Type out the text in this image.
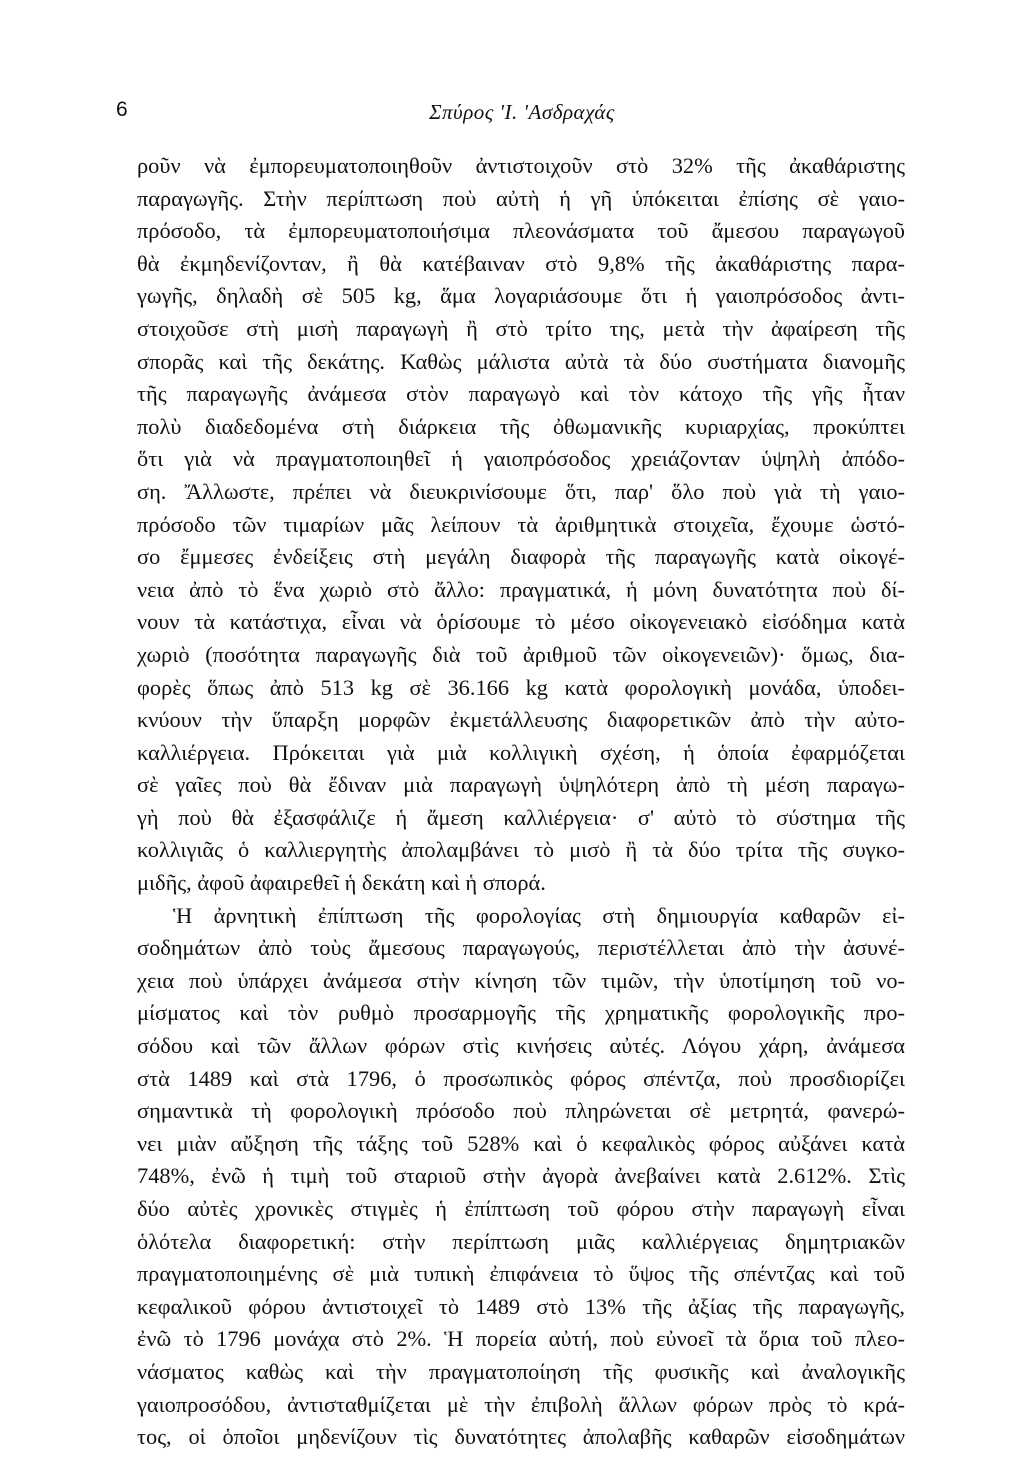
6	Σπύρος 'Ι. 'Ασδραχάς
ροῦν νὰ ἐμπορευματοποιηθοῦν ἀντιστοιχοῦν στὸ 32% τῆς ἀκαθάριστης
παραγωγῆς. Στὴν περίπτωση ποὺ αὐτὴ ἡ γῆ ὑπόκειται ἐπίσης σὲ γαιο-
πρόσοδο, τὰ ἐμπορευματοποιήσιμα πλεονάσματα τοῦ ἄμεσου παραγωγοῦ
θὰ ἐκμηδενίζονταν, ἢ θὰ κατέβαιναν στὸ 9,8% τῆς ἀκαθάριστης παρα-
γωγῆς, δηλαδὴ σὲ 505 kg, ἅμα λογαριάσουμε ὅτι ἡ γαιοπρόσοδος ἀντι-
στοιχοῦσε στὴ μισὴ παραγωγὴ ἢ στὸ τρίτο της, μετὰ τὴν ἀφαίρεση τῆς
σπορᾶς καὶ τῆς δεκάτης. Καθὼς μάλιστα αὐτὰ τὰ δύο συστήματα διανομῆς
τῆς παραγωγῆς ἀνάμεσα στὸν παραγωγὸ καὶ τὸν κάτοχο τῆς γῆς ἦταν
πολὺ διαδεδομένα στὴ διάρκεια τῆς ὀθωμανικῆς κυριαρχίας, προκύπτει
ὅτι γιὰ νὰ πραγματοποιηθεῖ ἡ γαιοπρόσοδος χρειάζονταν ὑψηλὴ ἀπόδο-
ση. Ἄλλωστε, πρέπει νὰ διευκρινίσουμε ὅτι, παρ' ὅλο ποὺ γιὰ τὴ γαιο-
πρόσοδο τῶν τιμαρίων μᾶς λείπουν τὰ ἀριθμητικὰ στοιχεῖα, ἔχουμε ὡστό-
σο ἔμμεσες ἐνδείξεις στὴ μεγάλη διαφορὰ τῆς παραγωγῆς κατὰ οἰκογέ-
νεια ἀπὸ τὸ ἕνα χωριὸ στὸ ἄλλο: πραγματικά, ἡ μόνη δυνατότητα ποὺ δί-
νουν τὰ κατάστιχα, εἶναι νὰ ὁρίσουμε τὸ μέσο οἰκογενειακὸ εἰσόδημα κατὰ
χωριὸ (ποσότητα παραγωγῆς διὰ τοῦ ἀριθμοῦ τῶν οἰκογενειῶν)· ὅμως, δια-
φορὲς ὅπως ἀπὸ 513 kg σὲ 36.166 kg κατὰ φορολογικὴ μονάδα, ὑποδει-
κνύουν τὴν ὕπαρξη μορφῶν ἐκμετάλλευσης διαφορετικῶν ἀπὸ τὴν αὐτο-
καλλιέργεια. Πρόκειται γιὰ μιὰ κολλιγικὴ σχέση, ἡ ὁποία ἐφαρμόζεται
σὲ γαῖες ποὺ θὰ ἔδιναν μιὰ παραγωγὴ ὑψηλότερη ἀπὸ τὴ μέση παραγω-
γὴ ποὺ θὰ ἐξασφάλιζε ἡ ἄμεση καλλιέργεια· σ' αὐτὸ τὸ σύστημα τῆς
κολλιγιᾶς ὁ καλλιεργητὴς ἀπολαμβάνει τὸ μισὸ ἢ τὰ δύο τρίτα τῆς συγκο-
μιδῆς, ἀφοῦ ἀφαιρεθεῖ ἡ δεκάτη καὶ ἡ σπορά.
Ἡ ἀρνητικὴ ἐπίπτωση τῆς φορολογίας στὴ δημιουργία καθαρῶν εἰ-
σοδημάτων ἀπὸ τοὺς ἄμεσους παραγωγούς, περιστέλλεται ἀπὸ τὴν ἀσυνέ-
χεια ποὺ ὑπάρχει ἀνάμεσα στὴν κίνηση τῶν τιμῶν, τὴν ὑποτίμηση τοῦ νο-
μίσματος καὶ τὸν ρυθμὸ προσαρμογῆς τῆς χρηματικῆς φορολογικῆς προ-
σόδου καὶ τῶν ἄλλων φόρων στὶς κινήσεις αὐτές. Λόγου χάρη, ἀνάμεσα
στὰ 1489 καὶ στὰ 1796, ὁ προσωπικὸς φόρος σπέντζα, ποὺ προσδιορίζει
σημαντικὰ τὴ φορολογικὴ πρόσοδο ποὺ πληρώνεται σὲ μετρητά, φανερώ-
νει μιὰν αὔξηση τῆς τάξης τοῦ 528% καὶ ὁ κεφαλικὸς φόρος αὐξάνει κατὰ
748%, ἐνῶ ἡ τιμὴ τοῦ σταριοῦ στὴν ἀγορὰ ἀνεβαίνει κατὰ 2.612%. Στὶς
δύο αὐτὲς χρονικὲς στιγμὲς ἡ ἐπίπτωση τοῦ φόρου στὴν παραγωγὴ εἶναι
ὁλότελα διαφορετική: στὴν περίπτωση μιᾶς καλλιέργειας δημητριακῶν
πραγματοποιημένης σὲ μιὰ τυπικὴ ἐπιφάνεια τὸ ὕψος τῆς σπέντζας καὶ τοῦ
κεφαλικοῦ φόρου ἀντιστοιχεῖ τὸ 1489 στὸ 13% τῆς ἀξίας τῆς παραγωγῆς,
ἐνῶ τὸ 1796 μονάχα στὸ 2%. Ἡ πορεία αὐτή, ποὺ εὐνοεῖ τὰ ὅρια τοῦ πλεο-
νάσματος καθὼς καὶ τὴν πραγματοποίηση τῆς φυσικῆς καὶ ἀναλογικῆς
γαιοπροσόδου, ἀντισταθμίζεται μὲ τὴν ἐπιβολὴ ἄλλων φόρων πρὸς τὸ κρά-
τος, οἱ ὁποῖοι μηδενίζουν τὶς δυνατότητες ἀπολαβῆς καθαρῶν εἰσοδημάτων
